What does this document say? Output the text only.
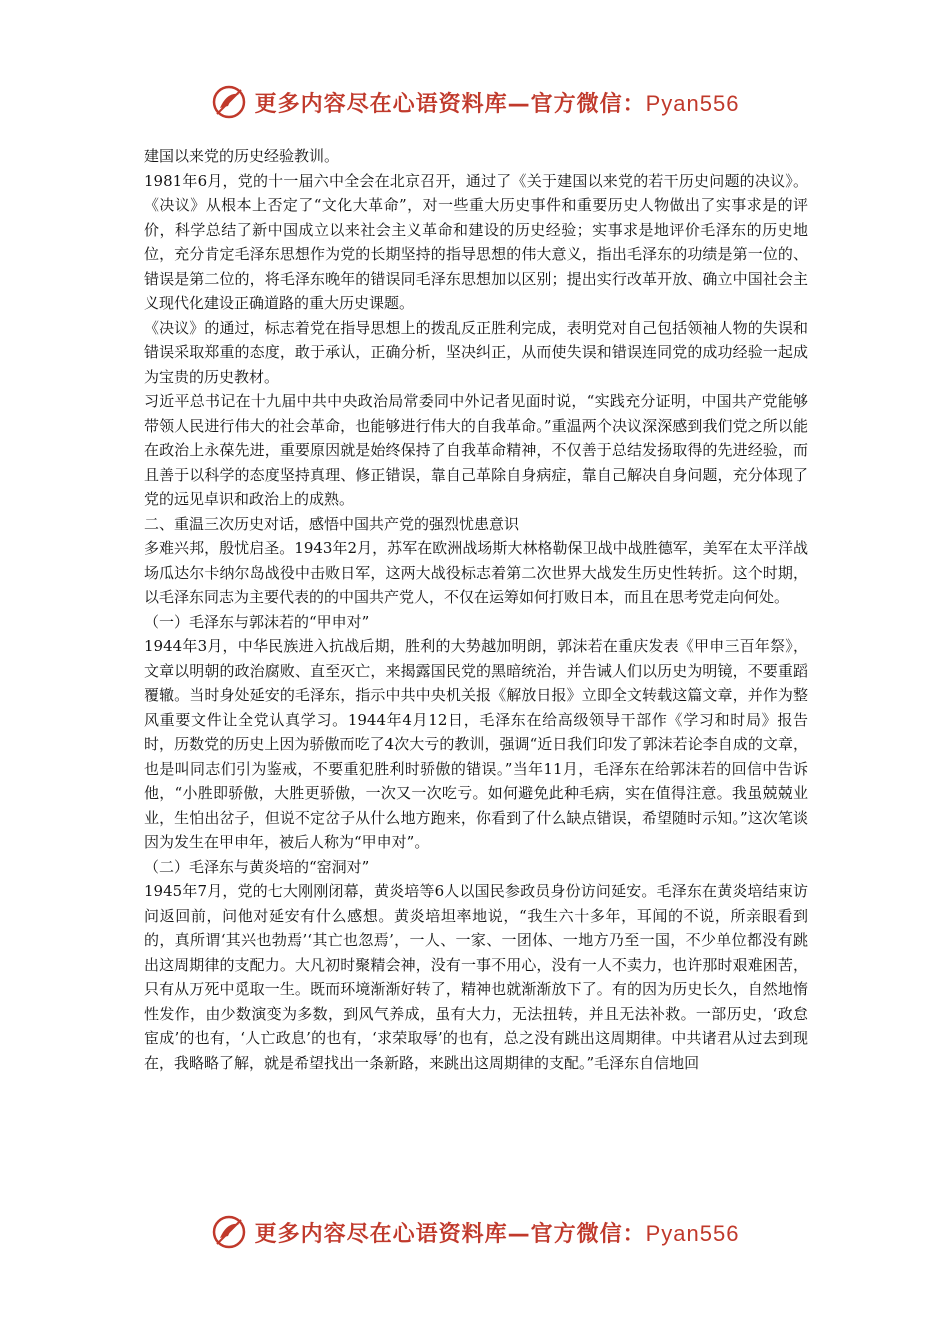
更多内容尽在心语资料库—官方微信：Pyan556

建国以来党的历史经验教训。

1981年6月，党的十一届六中全会在北京召开，通过了《关于建国以来党的若干历史问题的决议》。《决议》从根本上否定了“文化大革命”，对一些重大历史事件和重要历史人物做出了实事求是的评价，科学总结了新中国成立以来社会主义革命和建设的历史经验；实事求是地评价毛泽东的历史地位，充分肯定毛泽东思想作为党的长期坚持的指导思想的伟大意义，指出毛泽东的功绩是第一位的、错误是第二位的，将毛泽东晚年的错误同毛泽东思想加以区别；提出实行改革开放、确立中国社会主义现代化建设正确道路的重大历史课题。

《决议》的通过，标志着党在指导思想上的拨乱反正胜利完成，表明党对自己包括领袖人物的失误和错误采取郑重的态度，敢于承认，正确分析，坚决纠正，从而使失误和错误连同党的成功经验一起成为宝贵的历史教材。

习近平总书记在十九届中共中央政治局常委同中外记者见面时说，“实践充分证明，中国共产党能够带领人民进行伟大的社会革命，也能够进行伟大的自我革命。”重温两个决议深深感到我们党之所以能在政治上永葆先进，重要原因就是始终保持了自我革命精神，不仅善于总结发扬取得的先进经验，而且善于以科学的态度坚持真理、修正错误，靠自己革除自身病症，靠自己解决自身问题，充分体现了党的远见卓识和政治上的成熟。

二、重温三次历史对话，感悟中国共产党的强烈忧患意识

多难兴邦，殷忧启圣。1943年2月，苏军在欧洲战场斯大林格勒保卫战中战胜德军，美军在太平洋战场瓜达尔卡纳尔岛战役中击败日军，这两大战役标志着第二次世界大战发生历史性转折。这个时期，以毛泽东同志为主要代表的的中国共产党人，不仅在运筹如何打败日本，而且在思考党走向何处。

（一）毛泽东与郭沫若的“甲申对”

1944年3月，中华民族进入抗战后期，胜利的大势越加明朗，郭沫若在重庆发表《甲申三百年祭》，文章以明朝的政治腐败、直至灭亡，来揭露国民党的黑暗统治，并告诫人们以历史为明镜，不要重蹈覆辙。当时身处延安的毛泽东，指示中共中央机关报《解放日报》立即全文转载这篇文章，并作为整风重要文件让全党认真学习。1944年4月12日，毛泽东在给高级领导干部作《学习和时局》报告时，历数党的历史上因为骄傲而吃了4次大亏的教训，强调“近日我们印发了郭沫若论李自成的文章，也是叫同志们引为鉴戒，不要重犯胜利时骄傲的错误。”当年11月，毛泽东在给郭沫若的回信中告诉他，“小胜即骄傲，大胜更骄傲，一次又一次吃亏。如何避免此种毛病，实在值得注意。我虽兢兢业业，生怕出岔子，但说不定岔子从什么地方跑来，你看到了什么缺点错误，希望随时示知。”这次笔谈因为发生在甲申年，被后人称为“甲申对”。

（二）毛泽东与黄炎培的“窑洞对”

1945年7月，党的七大刚刚闭幕，黄炎培等6人以国民参政员身份访问延安。毛泽东在黄炎培结束访问返回前，问他对延安有什么感想。黄炎培坦率地说，“我生六十多年，耳闻的不说，所亲眼看到的，真所谓‘其兴也勃焉’‘其亡也忽焉’，一人、一家、一团体、一地方乃至一国，不少单位都没有跳出这周期律的支配力。大凡初时聚精会神，没有一事不用心，没有一人不卖力，也许那时艰难困苦，只有从万死中觅取一生。既而环境渐渐好转了，精神也就渐渐放下了。有的因为历史长久，自然地惰性发作，由少数演变为多数，到风气养成，虽有大力，无法扭转，并且无法补救。一部历史，‘政怠宦成’的也有，‘人亡政息’的也有，‘求荣取辱’的也有，总之没有跳出这周期律。中共诸君从过去到现在，我略略了解，就是希望找出一条新路，来跳出这周期律的支配。”毛泽东自信地回

更多内容尽在心语资料库—官方微信：Pyan556
